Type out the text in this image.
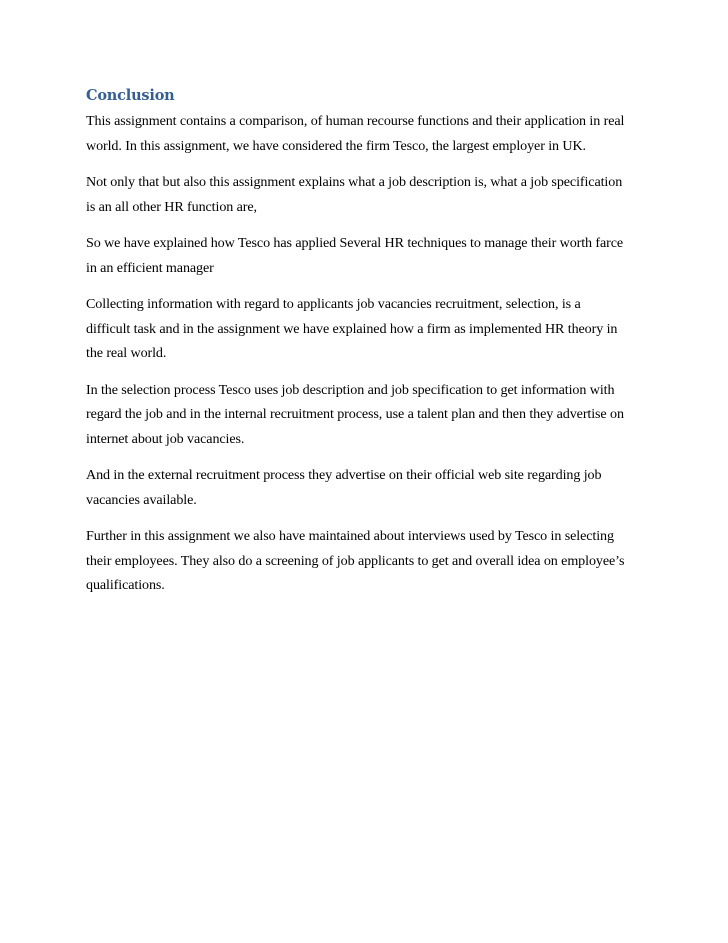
Conclusion

This assignment contains a comparison, of human recourse functions and their application in real
world. In this assignment, we have considered the firm Tesco, the largest employer in UK.

Not only that but also this assignment explains what a job description is, what a job specification
is an all other HR function are,

So we have explained how Tesco has applied Several HR techniques to manage their worth farce
in an efficient manager

Collecting information with regard to applicants job vacancies recruitment, selection, is a
difficult task and in the assignment we have explained how a firm as implemented HR theory in
the real world.

In the selection process Tesco uses job description and job specification to get information with
regard the job and in the internal recruitment process, use a talent plan and then they advertise on
internet about job vacancies.

And in the external recruitment process they advertise on their official web site regarding job
vacancies available.

Further in this assignment we also have maintained about interviews used by Tesco in selecting
their employees. They also do a screening of job applicants to get and overall idea on employee’s
qualifications.
